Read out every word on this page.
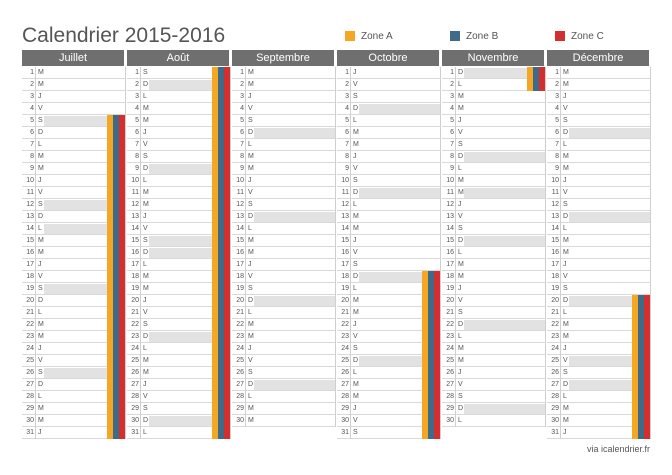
Calendrier 2015-2016	Zone A	Zone B	Zone C
Juillet
1 M
2 M
3 J
4 V
5 S
6 D
7 L
8 M
9 M
10 J
11 V
12 S
13 D
14 L
15 M
16 M
17 J
18 V
19 S
20 D
21 L
22 M
23 M
24 J
25 V
26 S
27 D
28 L
29 M
30 M
31 J
Août
1 S
2 D
3 L
4 M
5 M
6 J
7 V
8 S
9 D
10 L
11 M
12 M
13 J
14 V
15 S
16 D
17 L
18 M
19 M
20 J
21 V
22 S
23 D
24 L
25 M
26 M
27 J
28 V
29 S
30 D
31 L
Septembre
1 M
2 M
3 J
4 V
5 S
6 D
7 L
8 M
9 M
10 J
11 V
12 S
13 D
14 L
15 M
16 M
17 J
18 V
19 S
20 D
21 L
22 M
23 M
24 J
25 V
26 S
27 D
28 L
29 M
30 M
Octobre
1 J
2 V
3 S
4 D
5 L
6 M
7 M
8 J
9 V
10 S
11 D
12 L
13 M
14 M
15 J
16 V
17 S
18 D
19 L
20 M
21 M
22 J
23 V
24 S
25 D
26 L
27 M
28 M
29 J
30 V
31 S
Novembre
1 D
2 L
3 M
4 M
5 J
6 V
7 S
8 D
9 L
10 M
11 M
12 J
13 V
14 S
15 D
16 L
17 M
18 M
19 J
20 V
21 S
22 D
23 L
24 M
25 M
26 J
27 V
28 S
29 D
30 L
Décembre
1 M
2 M
3 J
4 V
5 S
6 D
7 L
8 M
9 M
10 J
11 V
12 S
13 D
14 L
15 M
16 M
17 J
18 V
19 S
20 D
21 L
22 M
23 M
24 J
25 V
26 S
27 D
28 L
29 M
30 M
31 J
via icalendrier.fr
